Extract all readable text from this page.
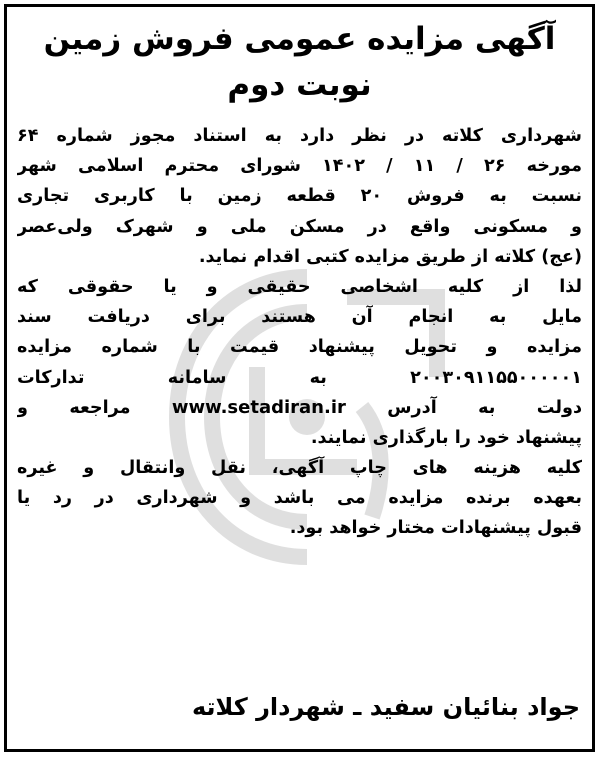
آگهی مزایده عمومی فروش زمین
نوبت دوم
شهرداری کلاته در نظر دارد به استناد مجوز شماره ۶۴
مورخه ۲۶ / ۱۱ / ۱۴۰۲ شورای محترم اسلامی شهر
نسبت به فروش ۲۰ قطعه زمین با کاربری تجاری
و مسکونی واقع در مسکن ملی و شهرک ولی‌عصر
(عج) کلاته از طریق مزایده کتبی اقدام نماید.
لذا از کلیه اشخاصی حقیقی و یا حقوقی که
مایل به انجام آن هستند برای دریافت سند
مزایده و تحویل پیشنهاد قیمت با شماره مزایده
۲۰۰۳۰۹۱۱۵۵۰۰۰۰۰۱ به سامانه تدارکات
دولت به آدرس www.setadiran.ir مراجعه و
پیشنهاد خود را بارگذاری نمایند.
کلیه هزینه های چاپ آگهی، نقل وانتقال و غیره
بعهده برنده مزایده می باشد و شهرداری در رد یا
قبول پیشنهادات مختار خواهد بود.
جواد بنائیان سفید ـ شهردار کلاته
